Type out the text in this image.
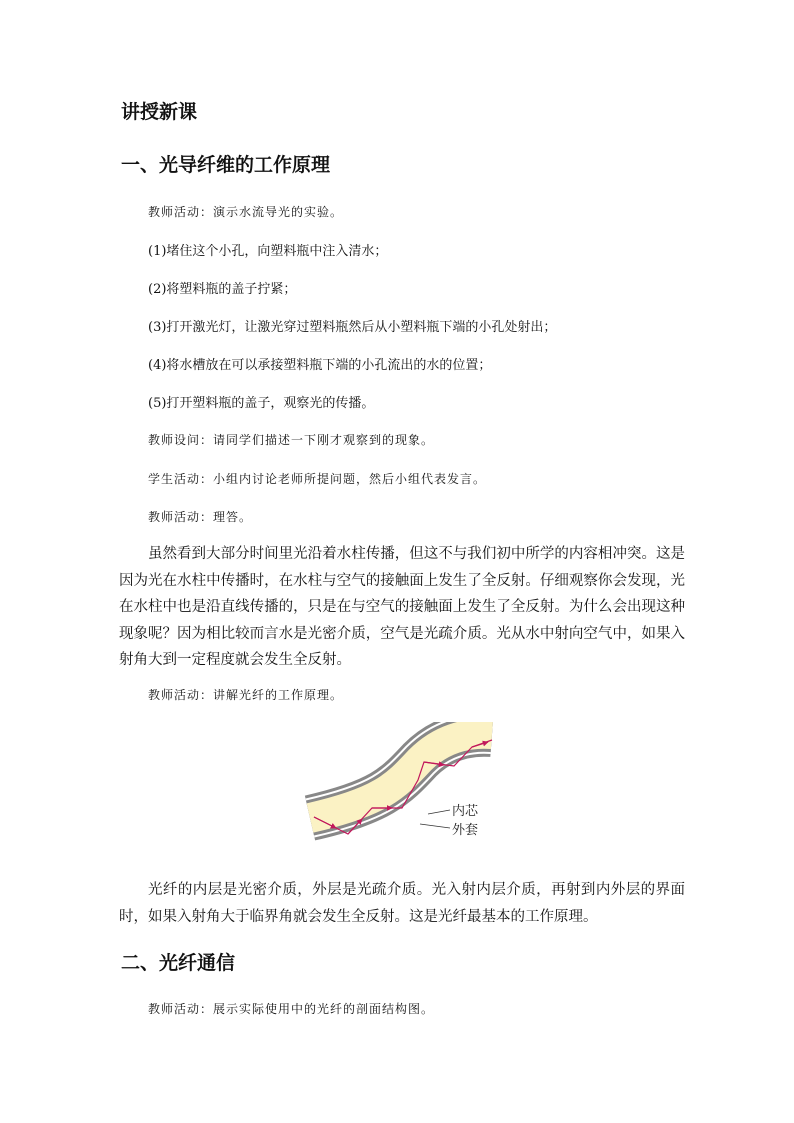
讲授新课
一、光导纤维的工作原理
教师活动：演示水流导光的实验。
(1)堵住这个小孔，向塑料瓶中注入清水；
(2)将塑料瓶的盖子拧紧；
(3)打开激光灯，让激光穿过塑料瓶然后从小塑料瓶下端的小孔处射出；
(4)将水槽放在可以承接塑料瓶下端的小孔流出的水的位置；
(5)打开塑料瓶的盖子，观察光的传播。
教师设问：请同学们描述一下刚才观察到的现象。
学生活动：小组内讨论老师所提问题，然后小组代表发言。
教师活动：理答。

虽然看到大部分时间里光沿着水柱传播，但这不与我们初中所学的内容相冲突。这是因为光在水柱中传播时，在水柱与空气的接触面上发生了全反射。仔细观察你会发现，光在水柱中也是沿直线传播的，只是在与空气的接触面上发生了全反射。为什么会出现这种现象呢？因为相比较而言水是光密介质，空气是光疏介质。光从水中射向空气中，如果入射角大到一定程度就会发生全反射。

教师活动：讲解光纤的工作原理。
内芯
外套

光纤的内层是光密介质，外层是光疏介质。光入射内层介质，再射到内外层的界面时，如果入射角大于临界角就会发生全反射。这是光纤最基本的工作原理。

二、光纤通信
教师活动：展示实际使用中的光纤的剖面结构图。
